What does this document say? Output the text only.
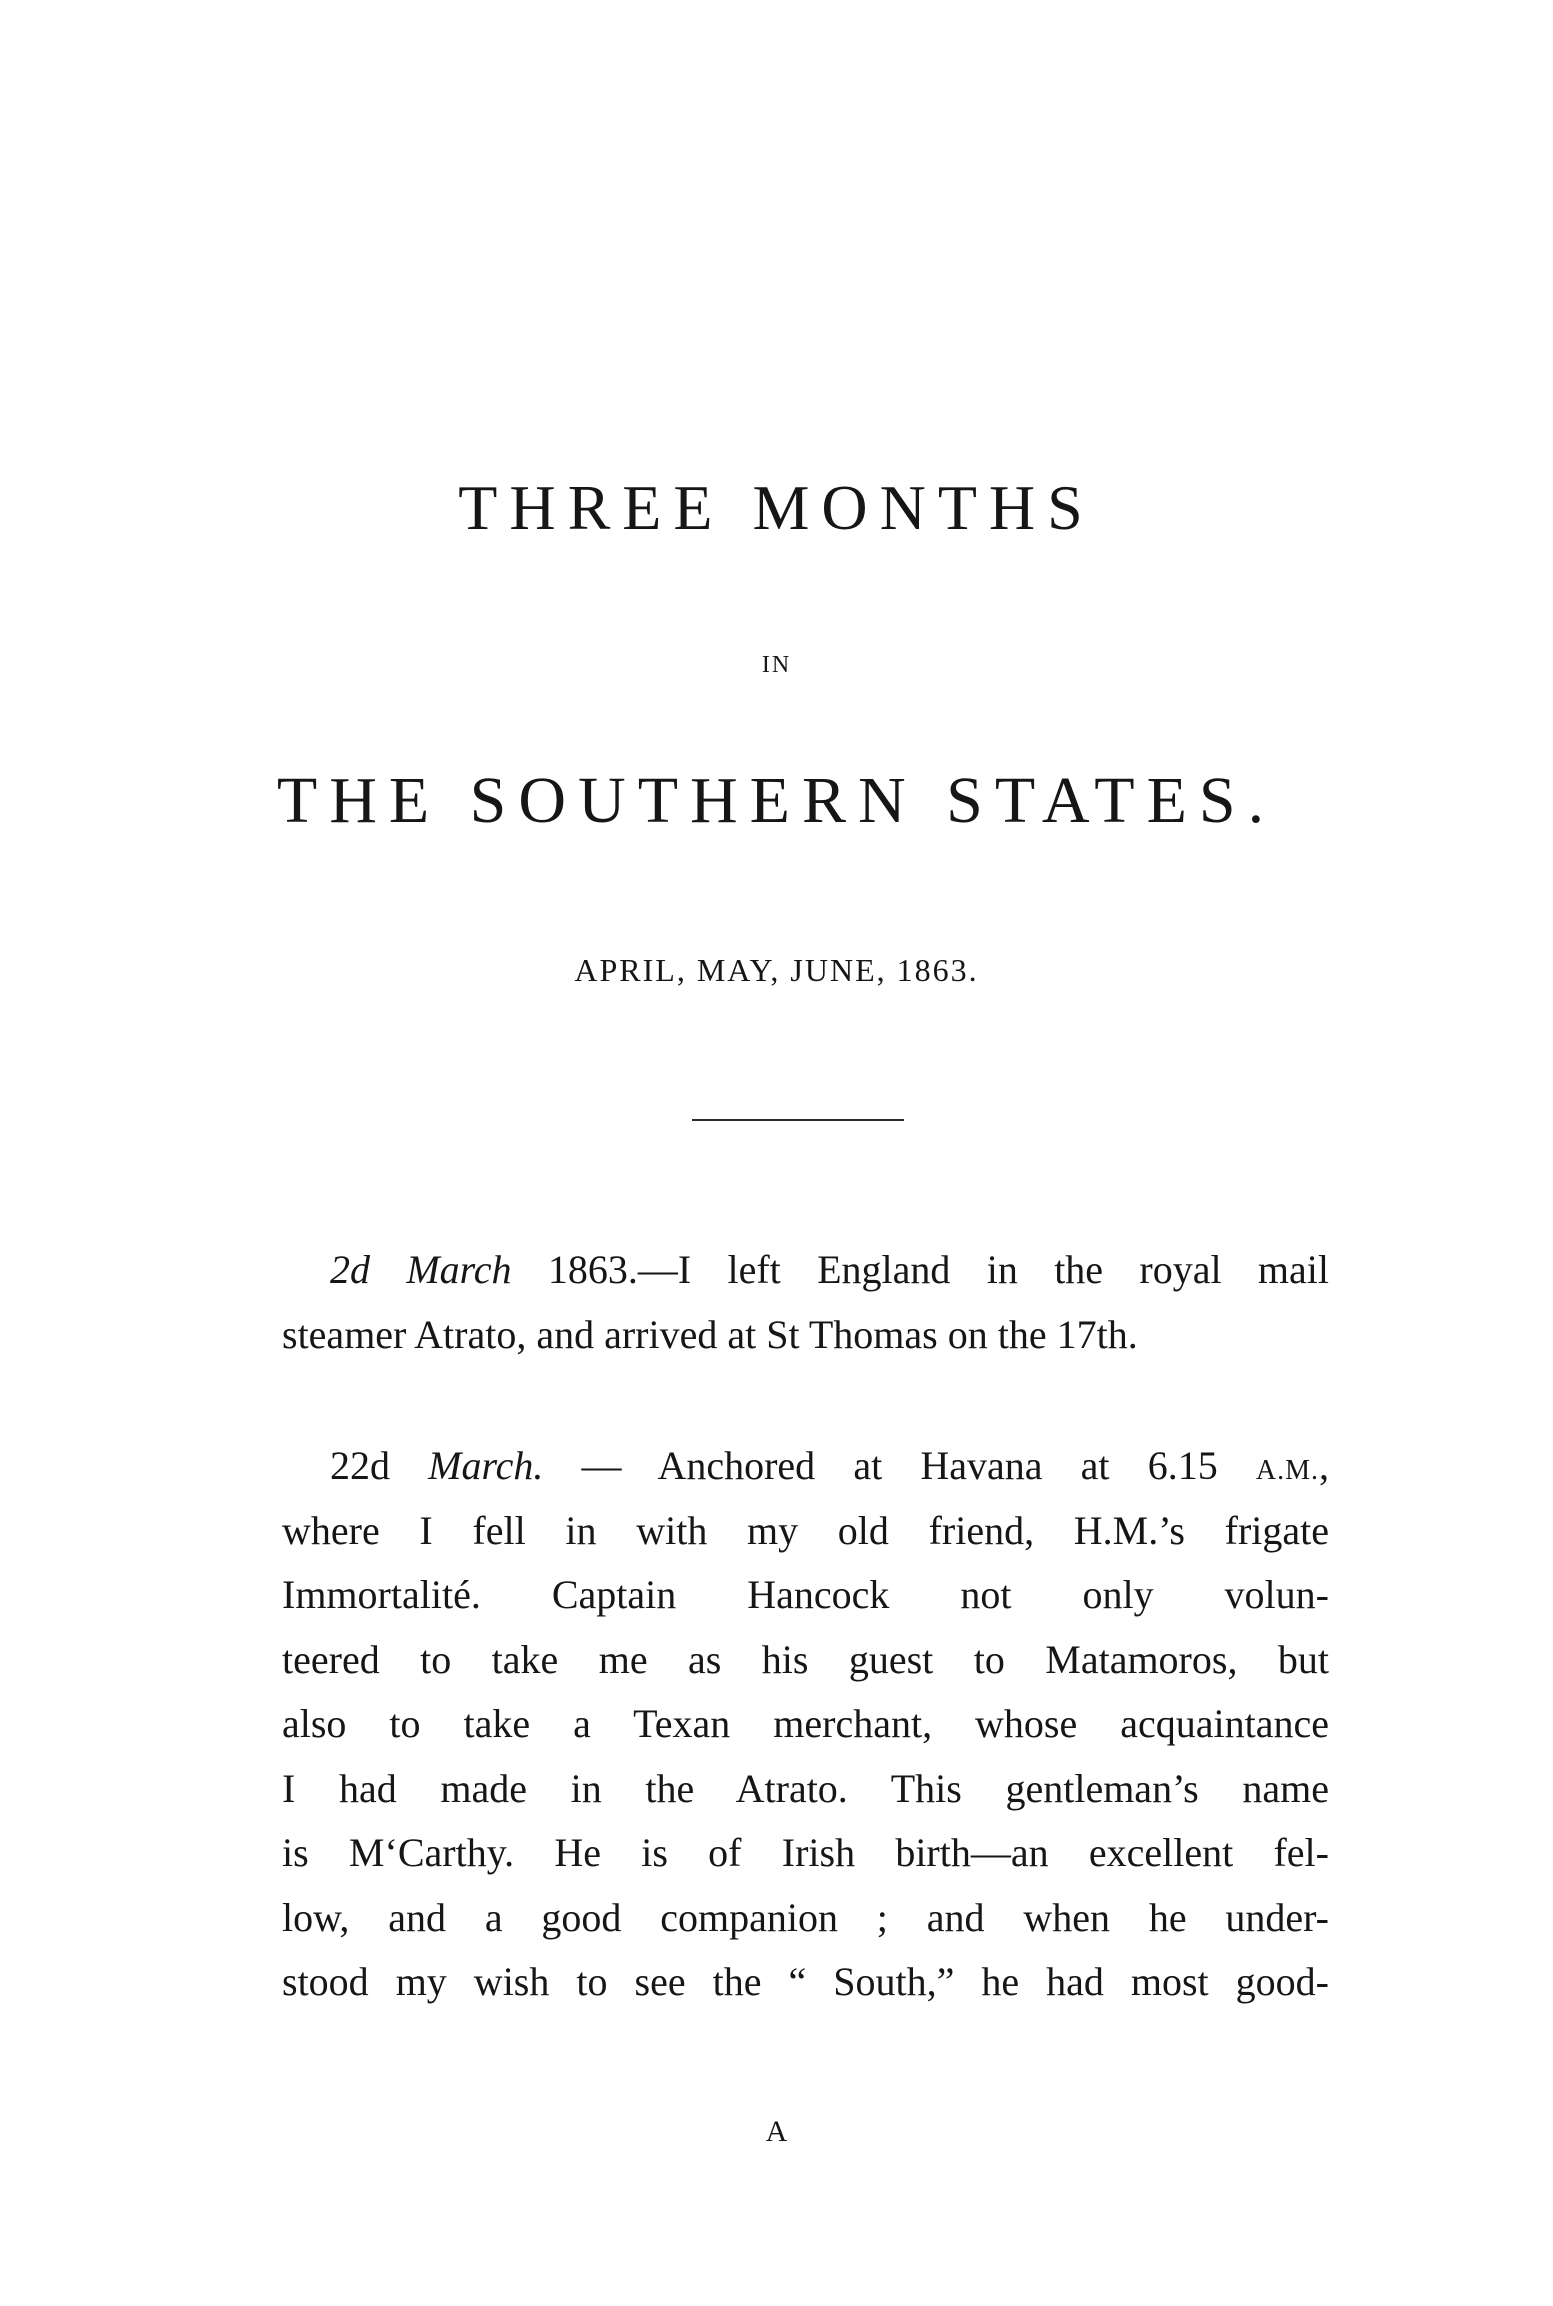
THREE MONTHS
IN
THE SOUTHERN STATES.
APRIL, MAY, JUNE, 1863.
2d March 1863.—I left England in the royal mail
steamer Atrato, and arrived at St Thomas on the 17th.
22d March. — Anchored at Havana at 6.15 A.M.,
where I fell in with my old friend, H.M.’s frigate
Immortalité. Captain Hancock not only volun-
teered to take me as his guest to Matamoros, but
also to take a Texan merchant, whose acquaintance
I had made in the Atrato. This gentleman’s name
is M‘Carthy. He is of Irish birth—an excellent fel-
low, and a good companion ; and when he under-
stood my wish to see the “ South,” he had most good-
A
